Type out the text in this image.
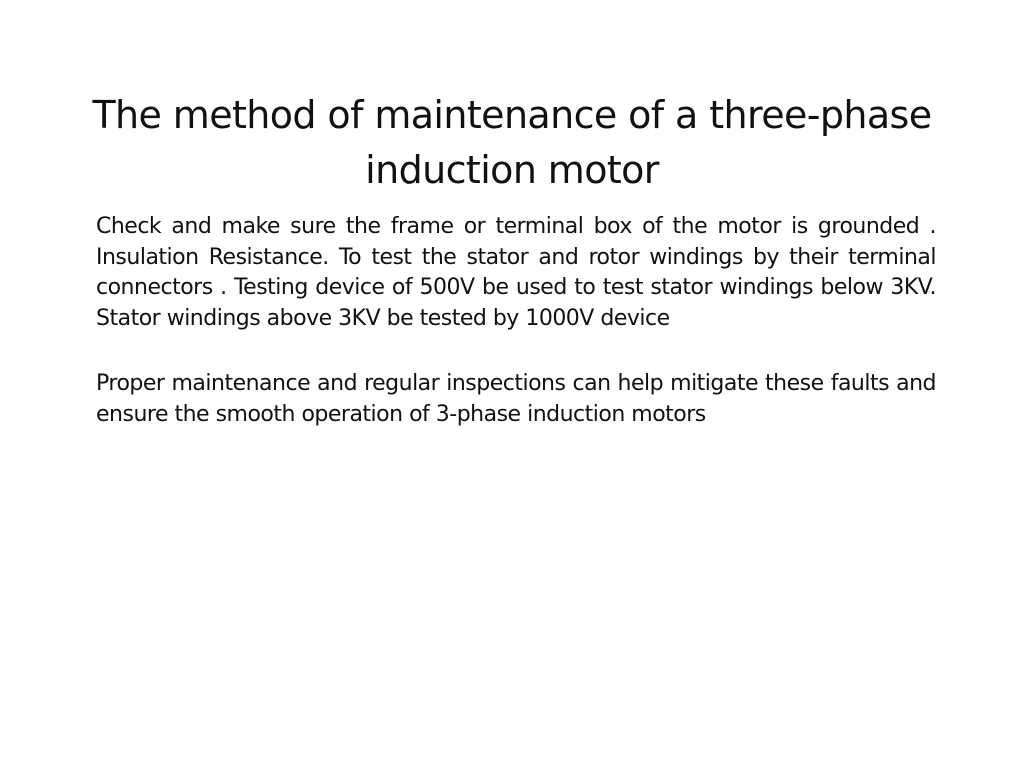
The method of maintenance of a three-phase induction motor

Check and make sure the frame or terminal box of the motor is grounded . Insulation Resistance. To test the stator and rotor windings by their terminal connectors . Testing device of 500V be used to test stator windings below 3KV. Stator windings above 3KV be tested by 1000V device

Proper maintenance and regular inspections can help mitigate these faults and ensure the smooth operation of 3-phase induction motors
